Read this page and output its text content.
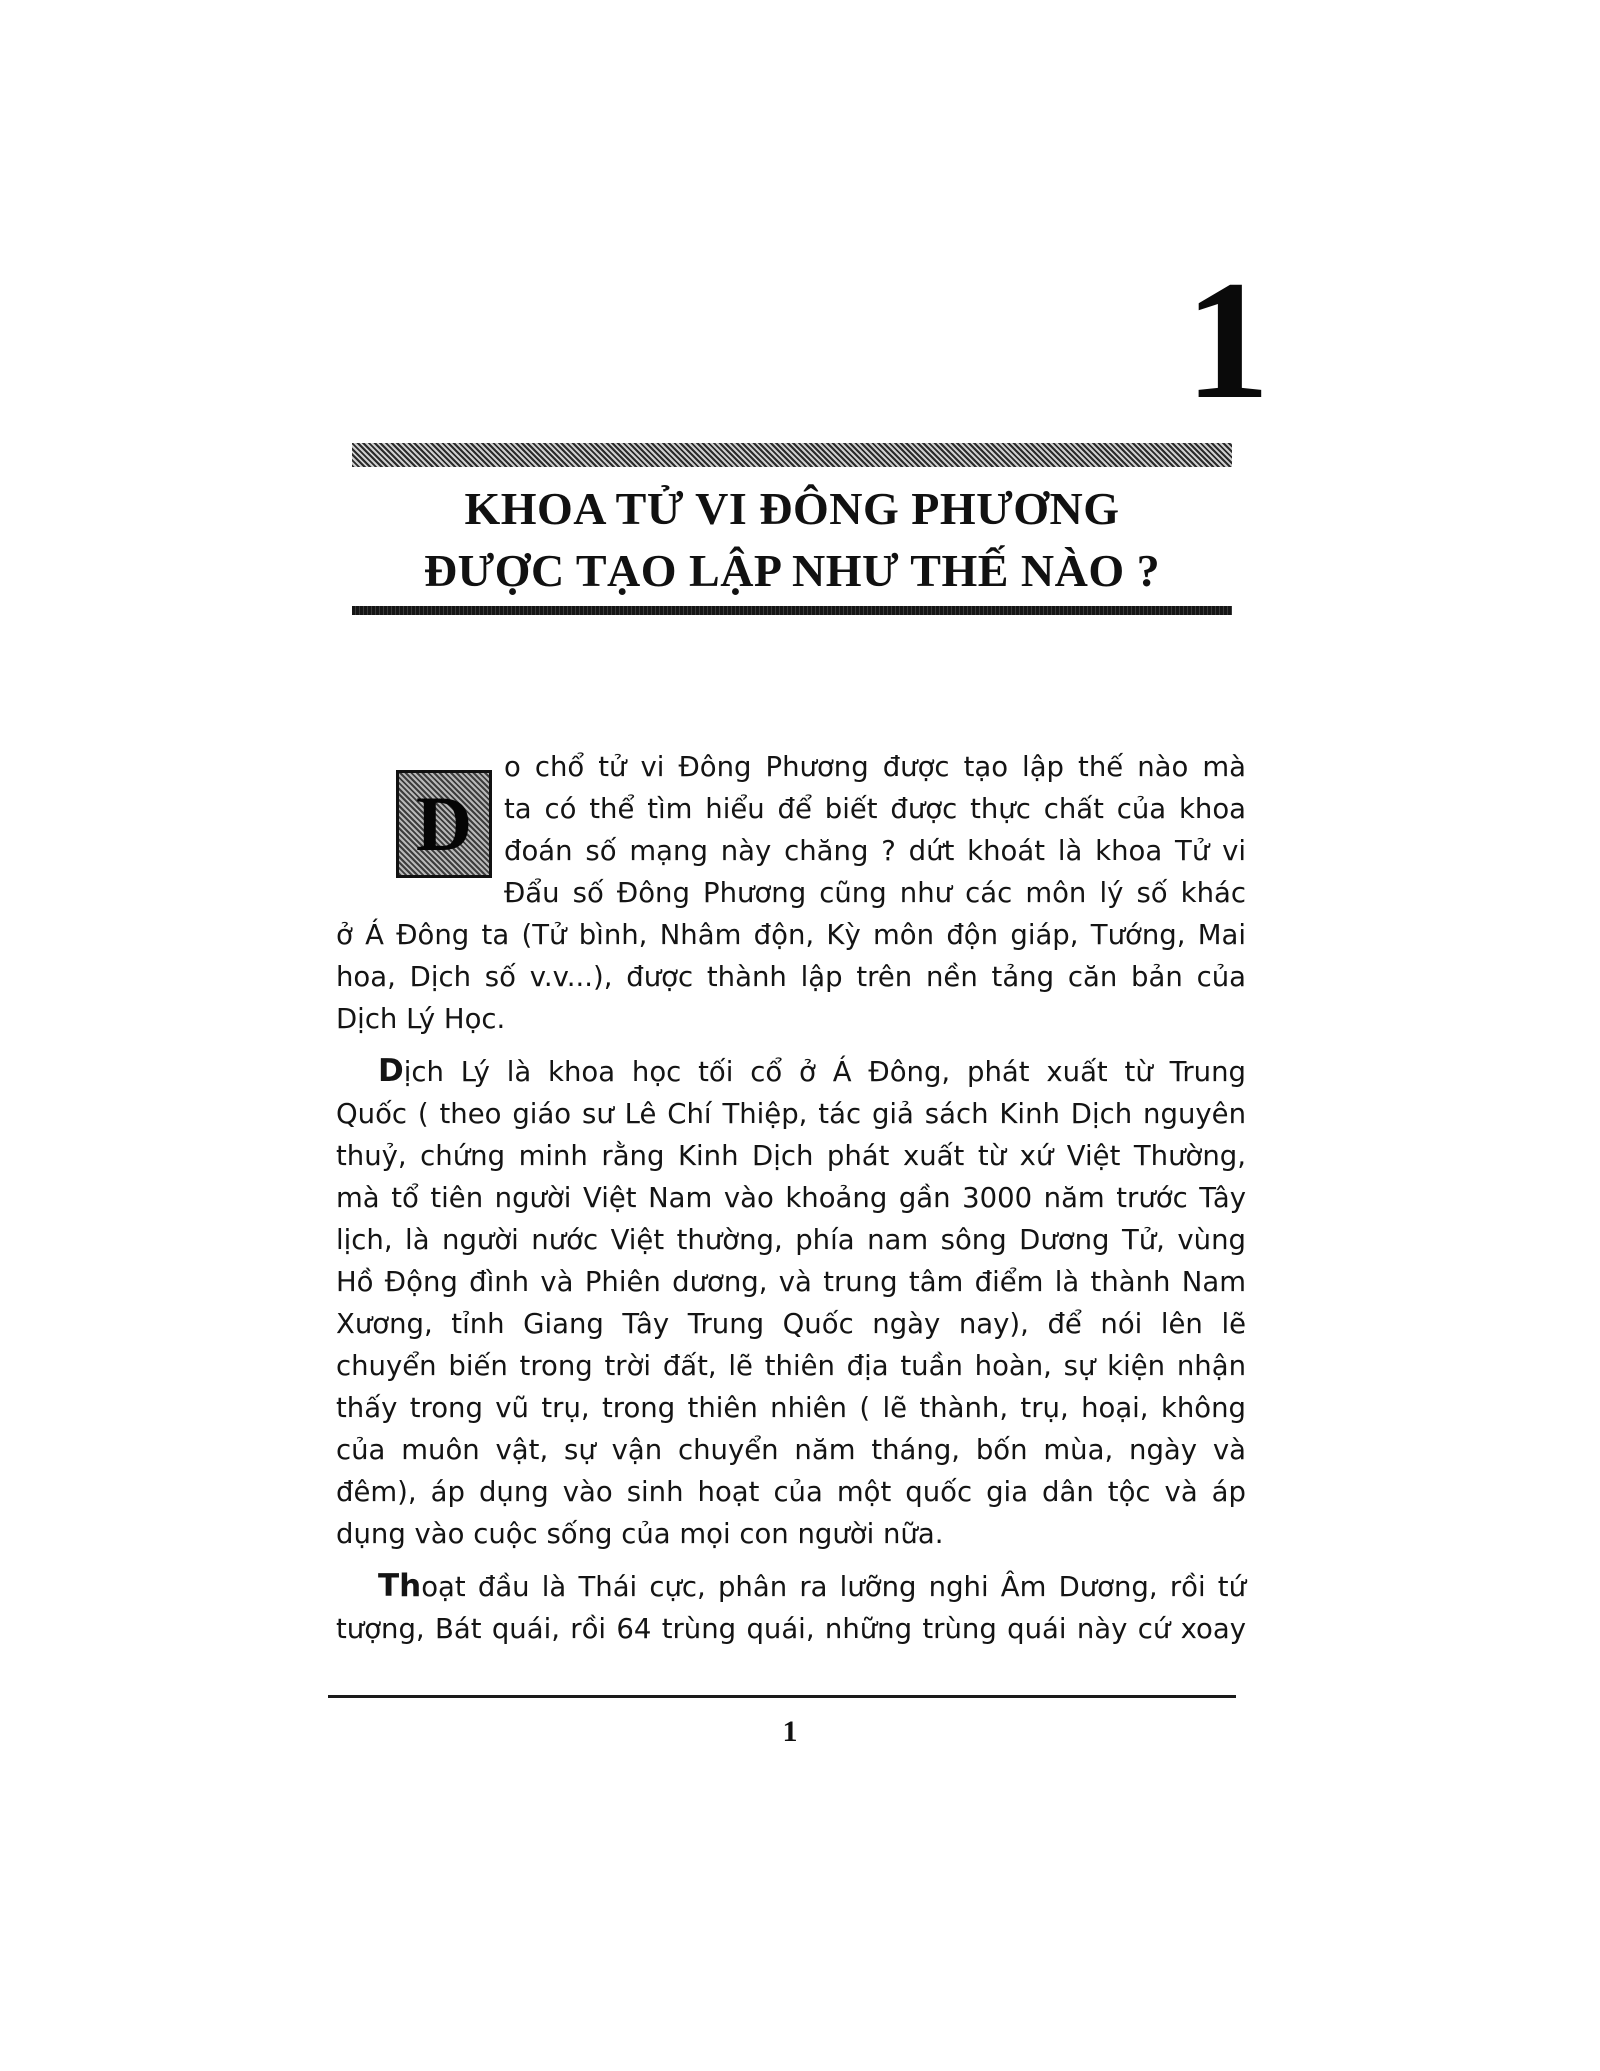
1
KHOA TỬ VI ĐÔNG PHƯƠNG
ĐƯỢC TẠO LẬP NHƯ THẾ NÀO ?
D
o chổ tử vi Đông Phương được tạo lập thế nào mà
ta có thể tìm hiểu để biết được thực chất của khoa
đoán số mạng này chăng ? dứt khoát là khoa Tử vi
Đẩu số Đông Phương cũng như các môn lý số khác
ở Á Đông ta (Tử bình, Nhâm độn, Kỳ môn độn giáp, Tướng, Mai
hoa, Dịch số v.v...), được thành lập trên nền tảng căn bản của
Dịch Lý Học.
Dịch Lý là khoa học tối cổ ở Á Đông, phát xuất từ Trung
Quốc ( theo giáo sư Lê Chí Thiệp, tác giả sách Kinh Dịch nguyên
thuỷ, chứng minh rằng Kinh Dịch phát xuất từ xứ Việt Thường,
mà tổ tiên người Việt Nam vào khoảng gần 3000 năm trước Tây
lịch, là người nước Việt thường, phía nam sông Dương Tử, vùng
Hồ Động đình và Phiên dương, và trung tâm điểm là thành Nam
Xương, tỉnh Giang Tây Trung Quốc ngày nay), để nói lên lẽ
chuyển biến trong trời đất, lẽ thiên địa tuần hoàn, sự kiện nhận
thấy trong vũ trụ, trong thiên nhiên ( lẽ thành, trụ, hoại, không
của muôn vật, sự vận chuyển năm tháng, bốn mùa, ngày và
đêm), áp dụng vào sinh hoạt của một quốc gia dân tộc và áp
dụng vào cuộc sống của mọi con người nữa.
Thoạt đầu là Thái cực, phân ra lưỡng nghi Âm Dương, rồi tứ
tượng, Bát quái, rồi 64 trùng quái, những trùng quái này cứ xoay
1
